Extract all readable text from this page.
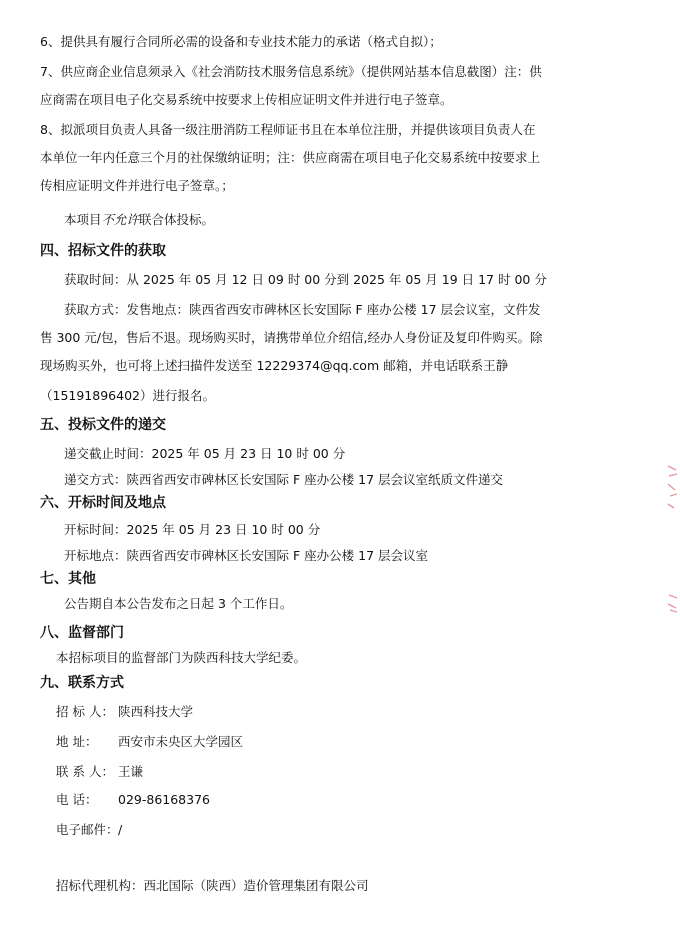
6、提供具有履行合同所必需的设备和专业技术能力的承诺（格式自拟）；
7、供应商企业信息须录入《社会消防技术服务信息系统》（提供网站基本信息截图）注：供
应商需在项目电子化交易系统中按要求上传相应证明文件并进行电子签章。
8、拟派项目负责人具备一级注册消防工程师证书且在本单位注册，并提供该项目负责人在
本单位一年内任意三个月的社保缴纳证明；注：供应商需在项目电子化交易系统中按要求上
传相应证明文件并进行电子签章。；
本项目不允许联合体投标。
四、招标文件的获取
获取时间：从 2025 年 05 月 12 日 09 时 00 分到 2025 年 05 月 19 日 17 时 00 分
获取方式：发售地点：陕西省西安市碑林区长安国际 F 座办公楼 17 层会议室，文件发
售 300 元/包，售后不退。现场购买时，请携带单位介绍信,经办人身份证及复印件购买。除
现场购买外，也可将上述扫描件发送至 12229374@qq.com 邮箱，并电话联系王静
（15191896402）进行报名。
五、投标文件的递交
递交截止时间：2025 年 05 月 23 日 10 时 00 分
递交方式：陕西省西安市碑林区长安国际 F 座办公楼 17 层会议室纸质文件递交
六、开标时间及地点
开标时间：2025 年 05 月 23 日 10 时 00 分
开标地点：陕西省西安市碑林区长安国际 F 座办公楼 17 层会议室
七、其他
公告期自本公告发布之日起 3 个工作日。
八、监督部门
本招标项目的监督部门为陕西科技大学纪委。
九、联系方式
招 标 人： 陕西科技大学
地 址： 西安市未央区大学园区
联 系 人： 王谦
电 话： 029-86168376
电子邮件：/
招标代理机构：西北国际（陕西）造价管理集团有限公司
